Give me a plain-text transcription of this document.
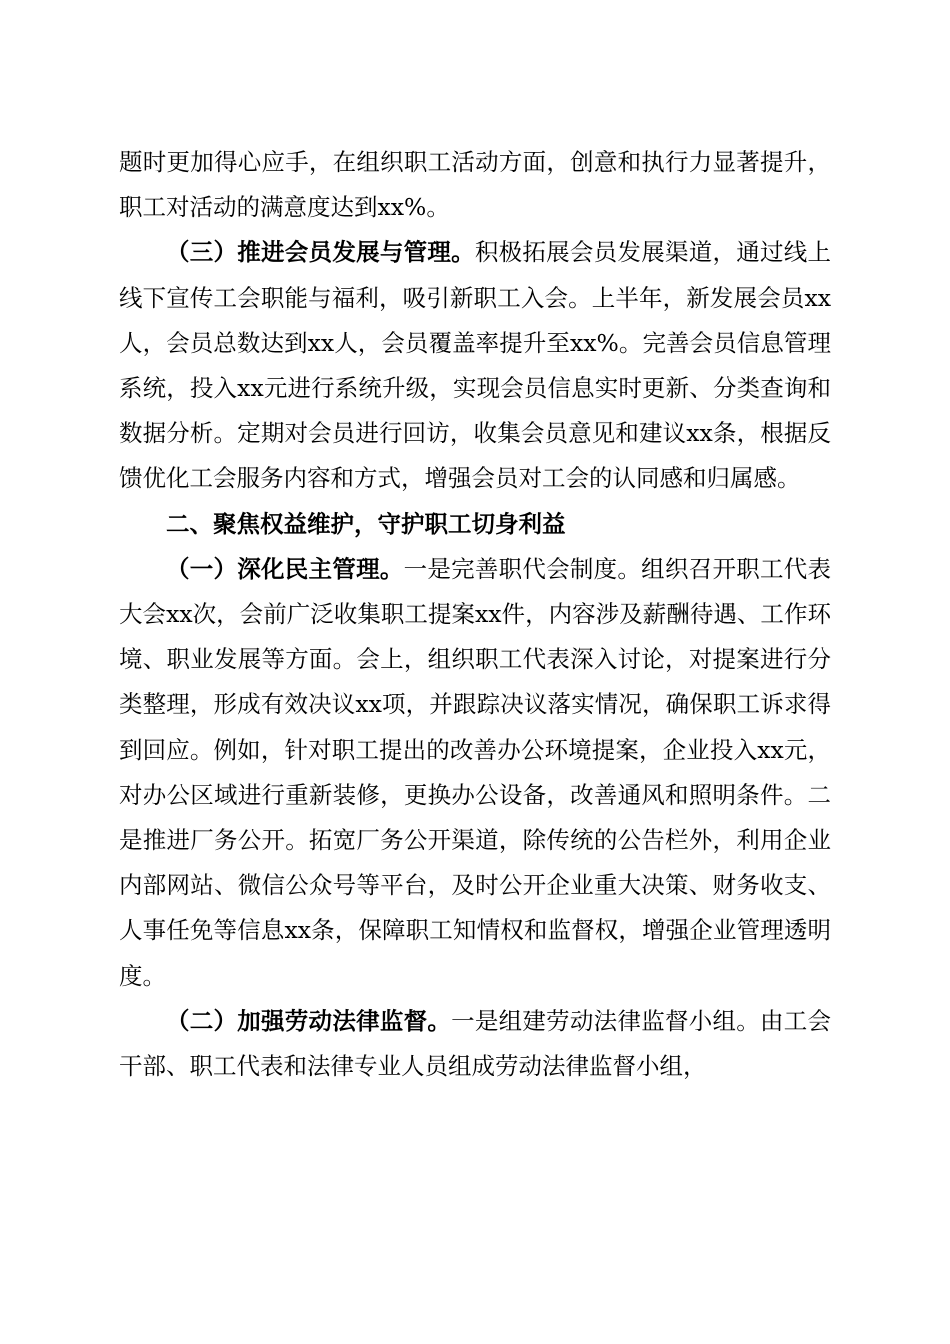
题时更加得心应手，在组织职工活动方面，创意和执行力显著提升，职工对活动的满意度达到xx%。

（三）推进会员发展与管理。积极拓展会员发展渠道，通过线上线下宣传工会职能与福利，吸引新职工入会。上半年，新发展会员xx人，会员总数达到xx人，会员覆盖率提升至xx%。完善会员信息管理系统，投入xx元进行系统升级，实现会员信息实时更新、分类查询和数据分析。定期对会员进行回访，收集会员意见和建议xx条，根据反馈优化工会服务内容和方式，增强会员对工会的认同感和归属感。

二、聚焦权益维护，守护职工切身利益

（一）深化民主管理。一是完善职代会制度。组织召开职工代表大会xx次，会前广泛收集职工提案xx件，内容涉及薪酬待遇、工作环境、职业发展等方面。会上，组织职工代表深入讨论，对提案进行分类整理，形成有效决议xx项，并跟踪决议落实情况，确保职工诉求得到回应。例如，针对职工提出的改善办公环境提案，企业投入xx元，对办公区域进行重新装修，更换办公设备，改善通风和照明条件。二是推进厂务公开。拓宽厂务公开渠道，除传统的公告栏外，利用企业内部网站、微信公众号等平台，及时公开企业重大决策、财务收支、人事任免等信息xx条，保障职工知情权和监督权，增强企业管理透明度。

（二）加强劳动法律监督。一是组建劳动法律监督小组。由工会干部、职工代表和法律专业人员组成劳动法律监督小组，
